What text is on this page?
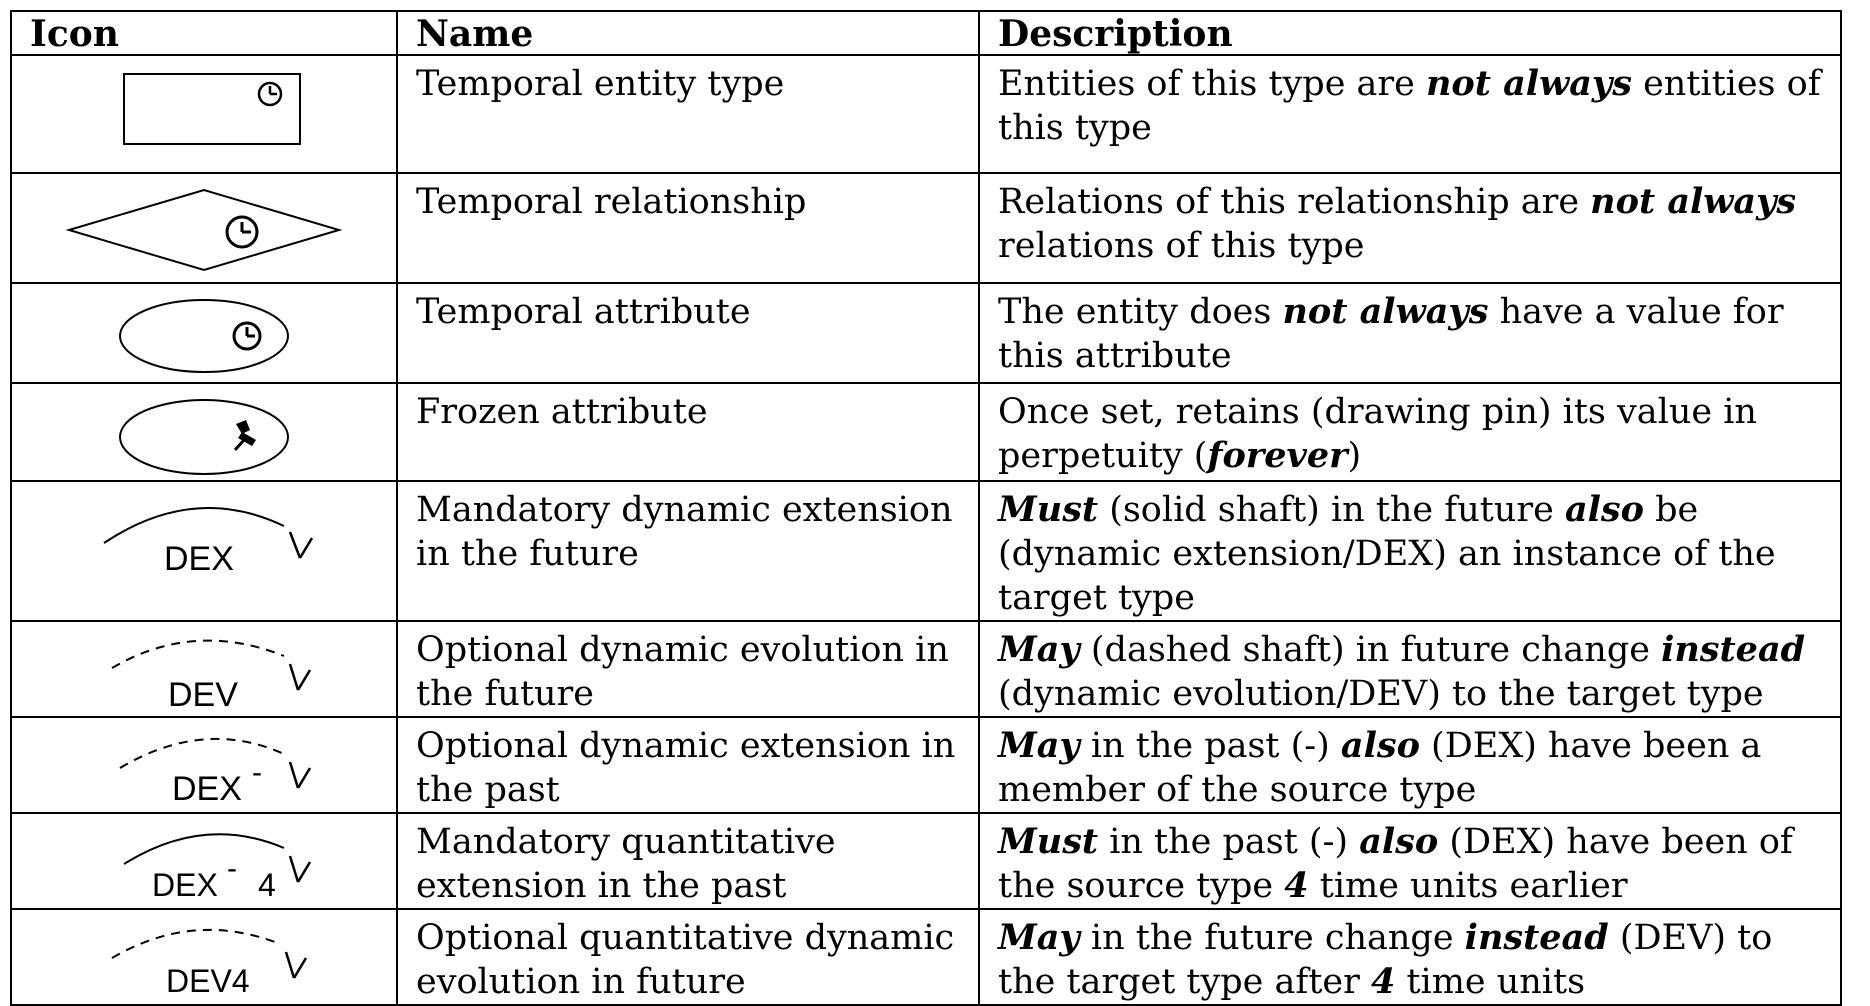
Icon	Name	Description

	Temporal entity type	Entities of this type are not always entities of this type

	Temporal relationship	Relations of this relationship are not always relations of this type

	Temporal attribute	The entity does not always have a value for this attribute

	Frozen attribute	Once set, retains (drawing pin) its value in perpetuity (forever)

DEX	Mandatory dynamic extension in the future	Must (solid shaft) in the future also be (dynamic extension/DEX) an instance of the target type

DEV	Optional dynamic evolution in the future	May (dashed shaft) in future change instead (dynamic evolution/DEV) to the target type

DEX -	Optional dynamic extension in the past	May in the past (-) also (DEX) have been a member of the source type

DEX - 4	Mandatory quantitative extension in the past	Must in the past (-) also (DEX) have been of the source type 4 time units earlier

DEV4	Optional quantitative dynamic evolution in future	May in the future change instead (DEV) to the target type after 4 time units
